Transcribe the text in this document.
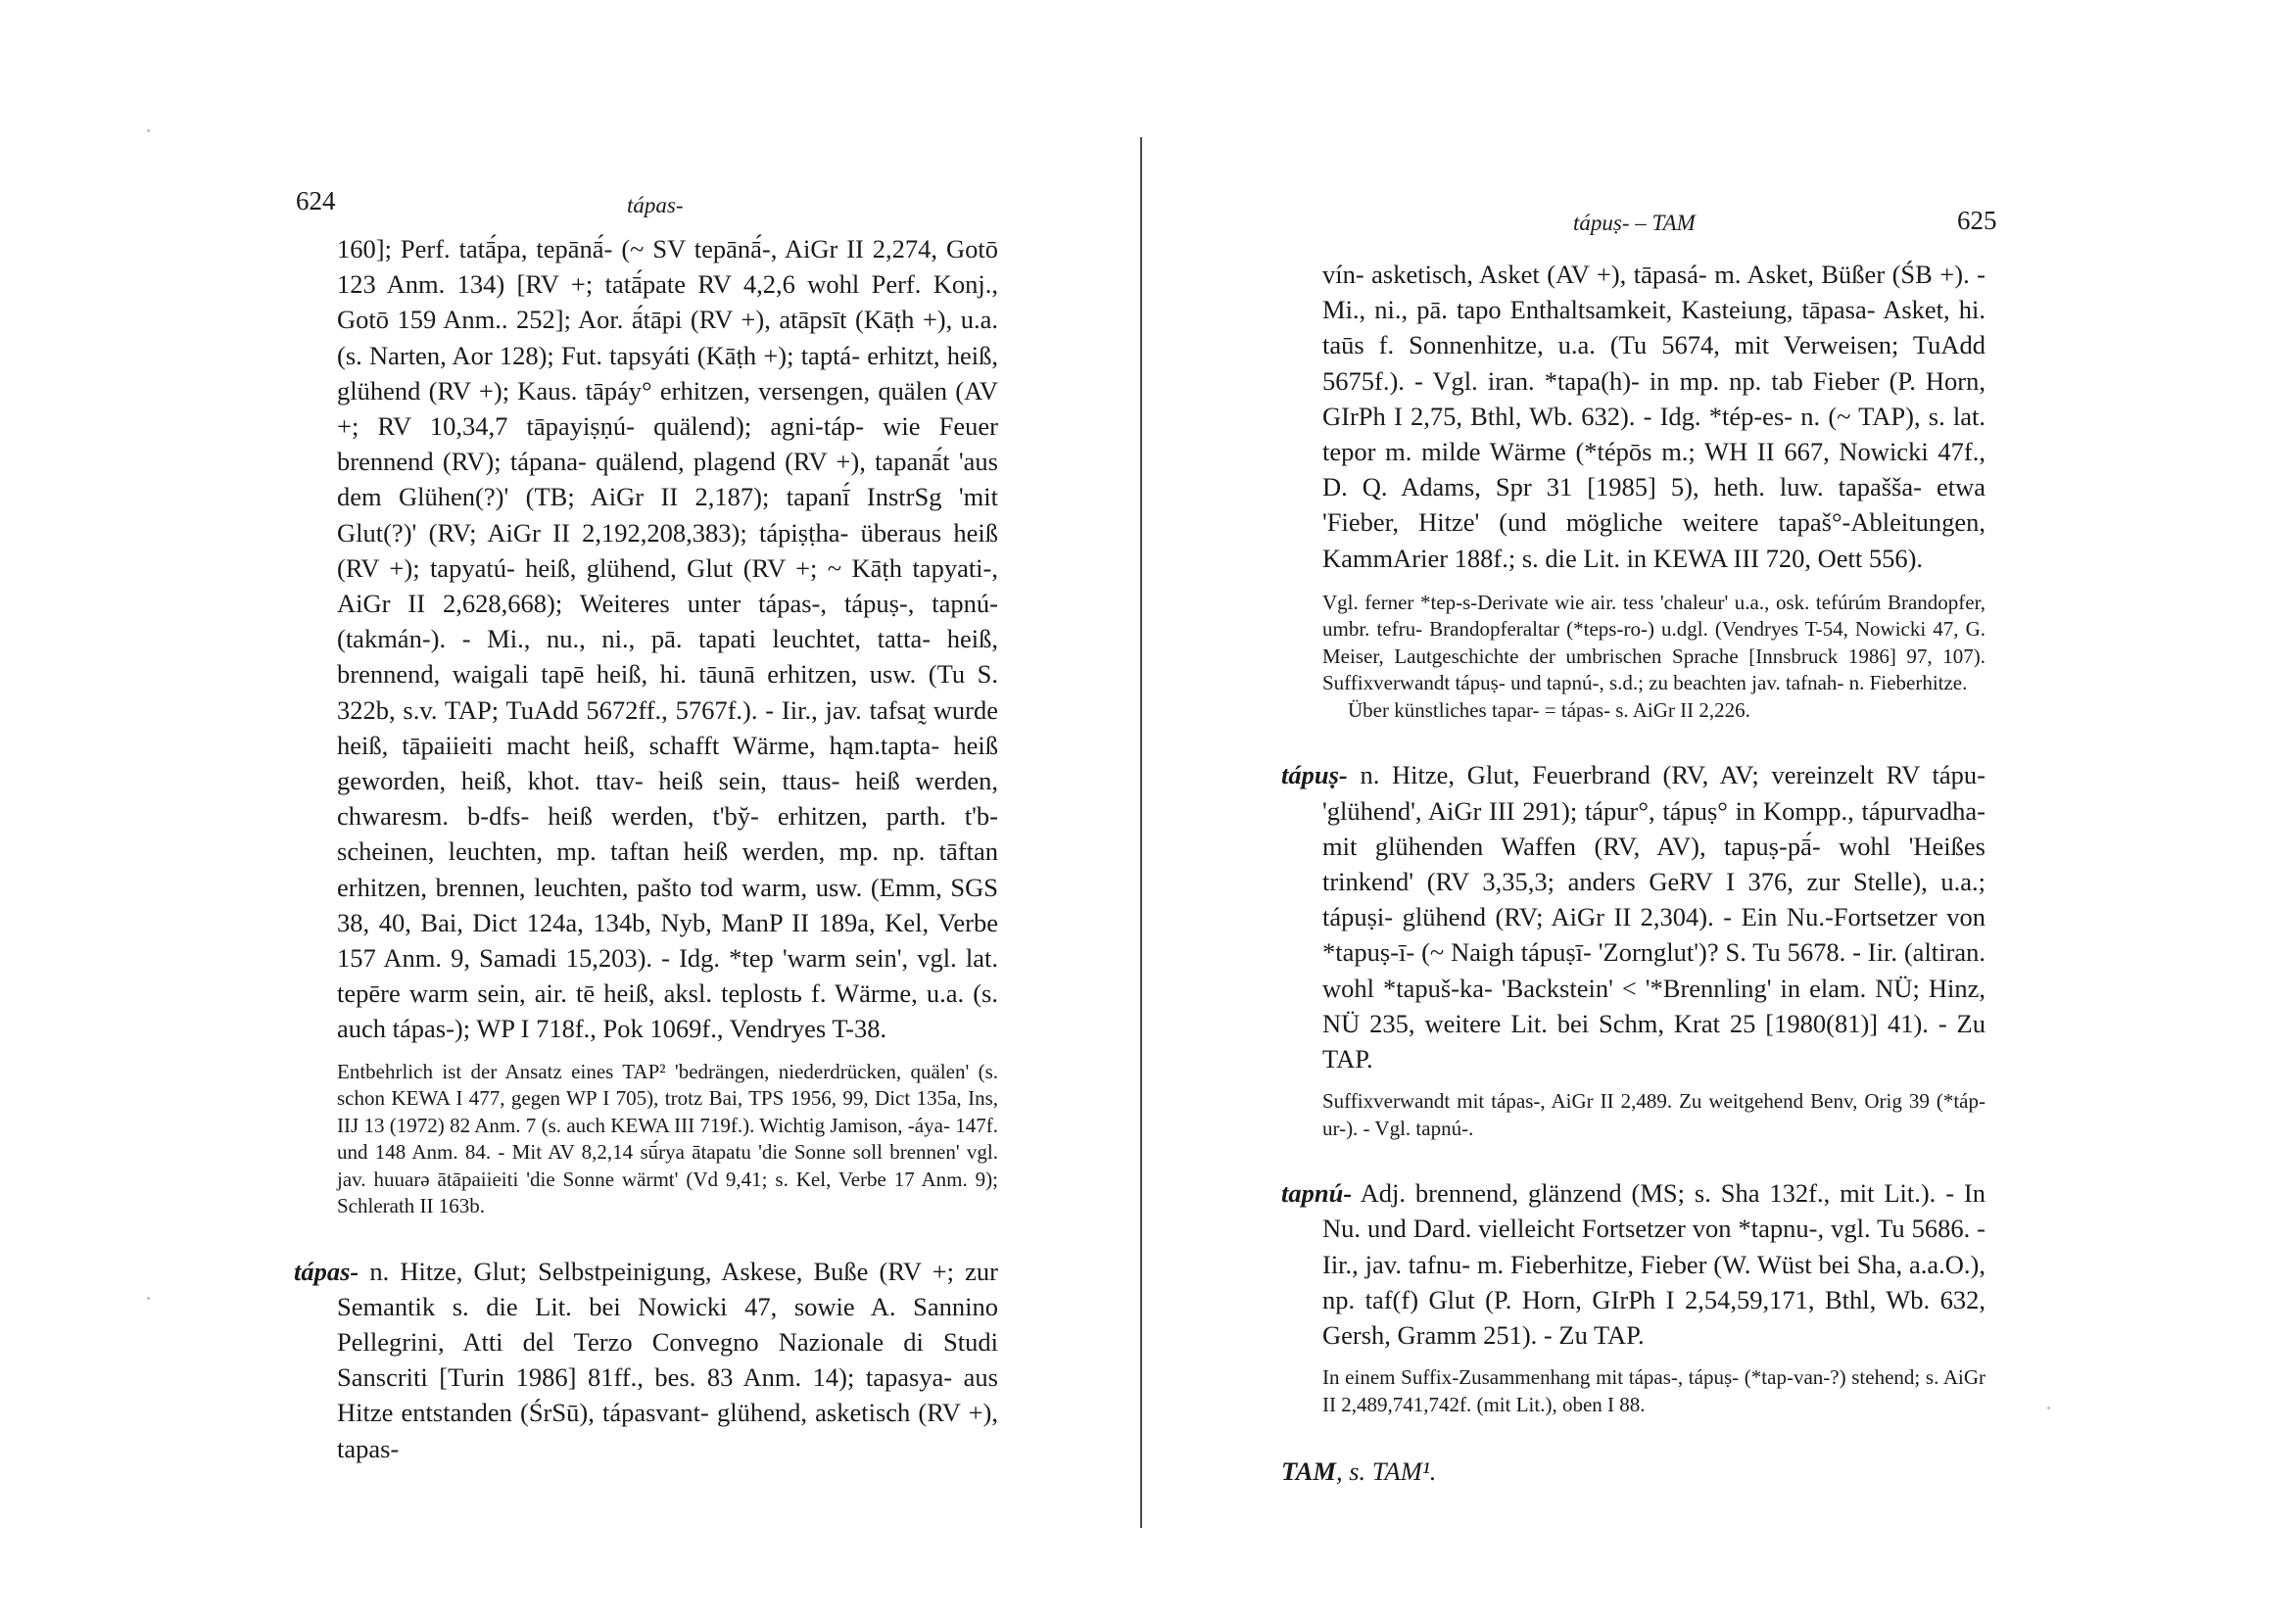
624	tápas-

160]; Perf. tatā́pa, tepānā́- (~ SV tepānā́-, AiGr II 2,274, Gotō 123 Anm. 134) [RV +; tatā́pate RV 4,2,6 wohl Perf. Konj., Gotō 159 Anm.. 252]; Aor. ā́tāpi (RV +), atāpsīt (Kāṭh +), u.a. (s. Narten, Aor 128); Fut. tapsyáti (Kāṭh +); taptá- erhitzt, heiß, glühend (RV +); Kaus. tāpáy° erhitzen, versengen, quälen (AV +; RV 10,34,7 tāpayiṣṇú- quälend); agni-táp- wie Feuer brennend (RV); tápana- quälend, plagend (RV +), tapanā́t 'aus dem Glühen(?)' (TB; AiGr II 2,187); tapanī́ InstrSg 'mit Glut(?)' (RV; AiGr II 2,192,208,383); tápiṣṭha- überaus heiß (RV +); tapyatú- heiß, glühend, Glut (RV +; ~ Kāṭh tapyati-, AiGr II 2,628,668); Weiteres unter tápas-, tápuṣ-, tapnú- (takmán-). - Mi., nu., ni., pā. tapati leuchtet, tatta- heiß, brennend, waigali tapē heiß, hi. tāunā erhitzen, usw. (Tu S. 322b, s.v. TAP; TuAdd 5672ff., 5767f.). - Iir., jav. tafsat̰ wurde heiß, tāpaiieiti macht heiß, schafft Wärme, hąm.tapta- heiß geworden, heiß, khot. ttav- heiß sein, ttaus- heiß werden, chwaresm. b-dfs- heiß werden, t'by̆- erhitzen, parth. t'b- scheinen, leuchten, mp. taftan heiß werden, mp. np. tāftan erhitzen, brennen, leuchten, pašto tod warm, usw. (Emm, SGS 38, 40, Bai, Dict 124a, 134b, Nyb, ManP II 189a, Kel, Verbe 157 Anm. 9, Samadi 15,203). - Idg. *tep 'warm sein', vgl. lat. tepēre warm sein, air. tē heiß, aksl. teplostь f. Wärme, u.a. (s. auch tápas-); WP I 718f., Pok 1069f., Vendryes T-38.

Entbehrlich ist der Ansatz eines TAP² 'bedrängen, niederdrücken, quälen' (s. schon KEWA I 477, gegen WP I 705), trotz Bai, TPS 1956, 99, Dict 135a, Ins, IIJ 13 (1972) 82 Anm. 7 (s. auch KEWA III 719f.). Wichtig Jamison, -áya- 147f. und 148 Anm. 84. - Mit AV 8,2,14 sū́rya ātapatu 'die Sonne soll brennen' vgl. jav. huuarə ātāpaiieiti 'die Sonne wärmt' (Vd 9,41; s. Kel, Verbe 17 Anm. 9); Schlerath II 163b.

tápas- n. Hitze, Glut; Selbstpeinigung, Askese, Buße (RV +; zur Semantik s. die Lit. bei Nowicki 47, sowie A. Sannino Pellegrini, Atti del Terzo Convegno Nazionale di Studi Sanscriti [Turin 1986] 81ff., bes. 83 Anm. 14); tapasya- aus Hitze entstanden (ŚrSū), tápasvant- glühend, asketisch (RV +), tapas-

tápuṣ- – TAM	625

vín- asketisch, Asket (AV +), tāpasá- m. Asket, Büßer (ŚB +). - Mi., ni., pā. tapo Enthaltsamkeit, Kasteiung, tāpasa- Asket, hi. taūs f. Sonnenhitze, u.a. (Tu 5674, mit Verweisen; TuAdd 5675f.). - Vgl. iran. *tapa(h)- in mp. np. tab Fieber (P. Horn, GIrPh I 2,75, Bthl, Wb. 632). - Idg. *tép-es- n. (~ TAP), s. lat. tepor m. milde Wärme (*tépōs m.; WH II 667, Nowicki 47f., D. Q. Adams, Spr 31 [1985] 5), heth. luw. tapašša- etwa 'Fieber, Hitze' (und mögliche weitere tapaš°-Ableitungen, KammArier 188f.; s. die Lit. in KEWA III 720, Oett 556).

Vgl. ferner *tep-s-Derivate wie air. tess 'chaleur' u.a., osk. tefúrúm Brandopfer, umbr. tefru- Brandopferaltar (*teps-ro-) u.dgl. (Vendryes T-54, Nowicki 47, G. Meiser, Lautgeschichte der umbrischen Sprache [Innsbruck 1986] 97, 107). Suffixverwandt tápuṣ- und tapnú-, s.d.; zu beachten jav. tafnah- n. Fieberhitze.

Über künstliches tapar- = tápas- s. AiGr II 2,226.

tápuṣ- n. Hitze, Glut, Feuerbrand (RV, AV; vereinzelt RV tápu- 'glühend', AiGr III 291); tápur°, tápuṣ° in Kompp., tápurvadha- mit glühenden Waffen (RV, AV), tapuṣ-pā́- wohl 'Heißes trinkend' (RV 3,35,3; anders GeRV I 376, zur Stelle), u.a.; tápuṣi- glühend (RV; AiGr II 2,304). - Ein Nu.-Fortsetzer von *tapuṣ-ī- (~ Naigh tápuṣī- 'Zornglut')? S. Tu 5678. - Iir. (altiran. wohl *tapuš-ka- 'Backstein' < '*Brennling' in elam. NÜ; Hinz, NÜ 235, weitere Lit. bei Schm, Krat 25 [1980(81)] 41). - Zu TAP.

Suffixverwandt mit tápas-, AiGr II 2,489. Zu weitgehend Benv, Orig 39 (*táp-ur-). - Vgl. tapnú-.

tapnú- Adj. brennend, glänzend (MS; s. Sha 132f., mit Lit.). - In Nu. und Dard. vielleicht Fortsetzer von *tapnu-, vgl. Tu 5686. - Iir., jav. tafnu- m. Fieberhitze, Fieber (W. Wüst bei Sha, a.a.O.), np. taf(f) Glut (P. Horn, GIrPh I 2,54,59,171, Bthl, Wb. 632, Gersh, Gramm 251). - Zu TAP.

In einem Suffix-Zusammenhang mit tápas-, tápuṣ- (*tap-van-?) stehend; s. AiGr II 2,489,741,742f. (mit Lit.), oben I 88.

TAM, s. TAM¹.
